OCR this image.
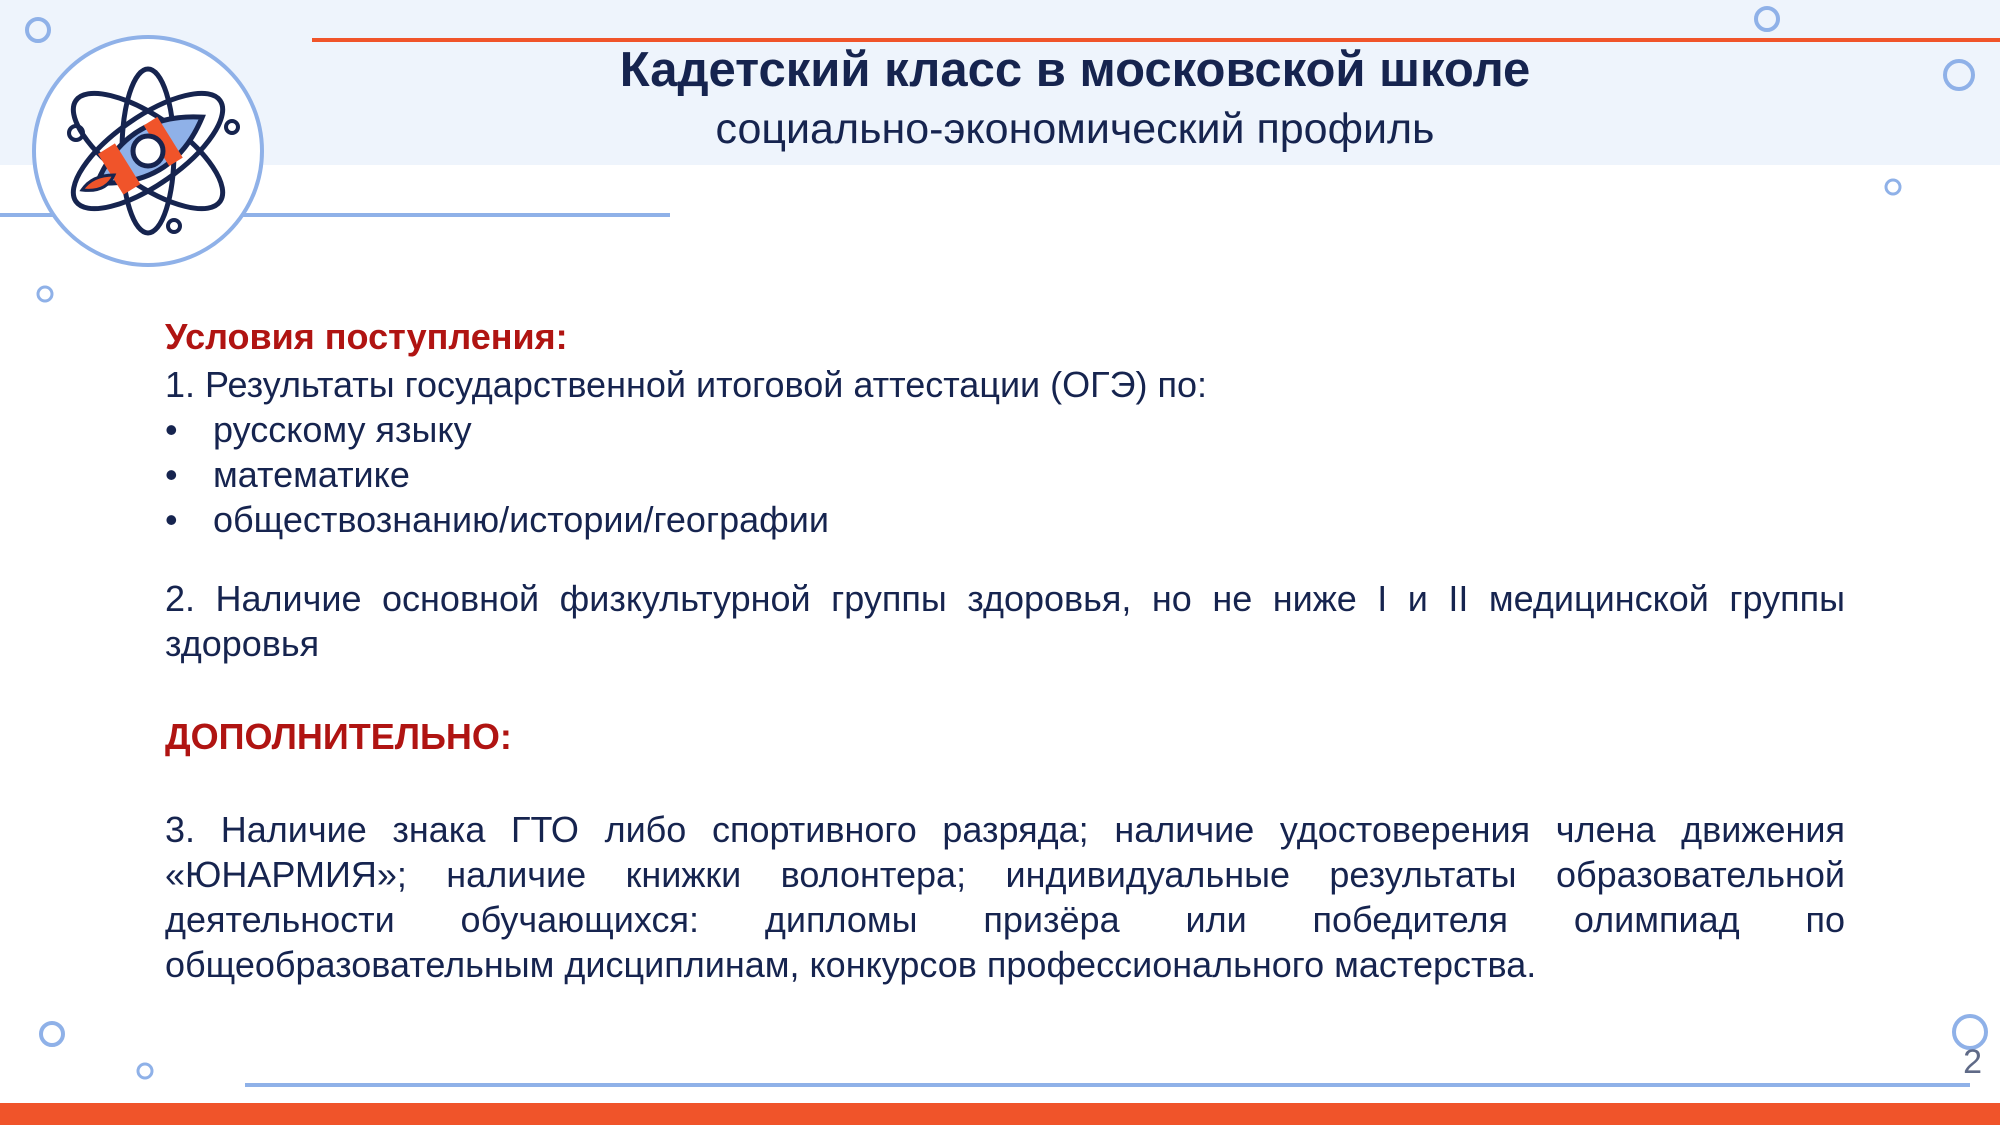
Кадетский класс в московской школе
социально-экономический профиль
Условия поступления:

1. Результаты государственной итоговой аттестации (ОГЭ) по:

• русскому языку
• математике
• обществознанию/истории/географии

2. Наличие основной физкультурной группы здоровья, но не ниже I и II медицинской группы здоровья

ДОПОЛНИТЕЛЬНО:

3. Наличие знака ГТО либо спортивного разряда; наличие удостоверения члена движения «ЮНАРМИЯ»; наличие книжки волонтера; индивидуальные результаты образовательной деятельности обучающихся: дипломы призёра или победителя олимпиад по общеобразовательным дисциплинам, конкурсов профессионального мастерства.

2
